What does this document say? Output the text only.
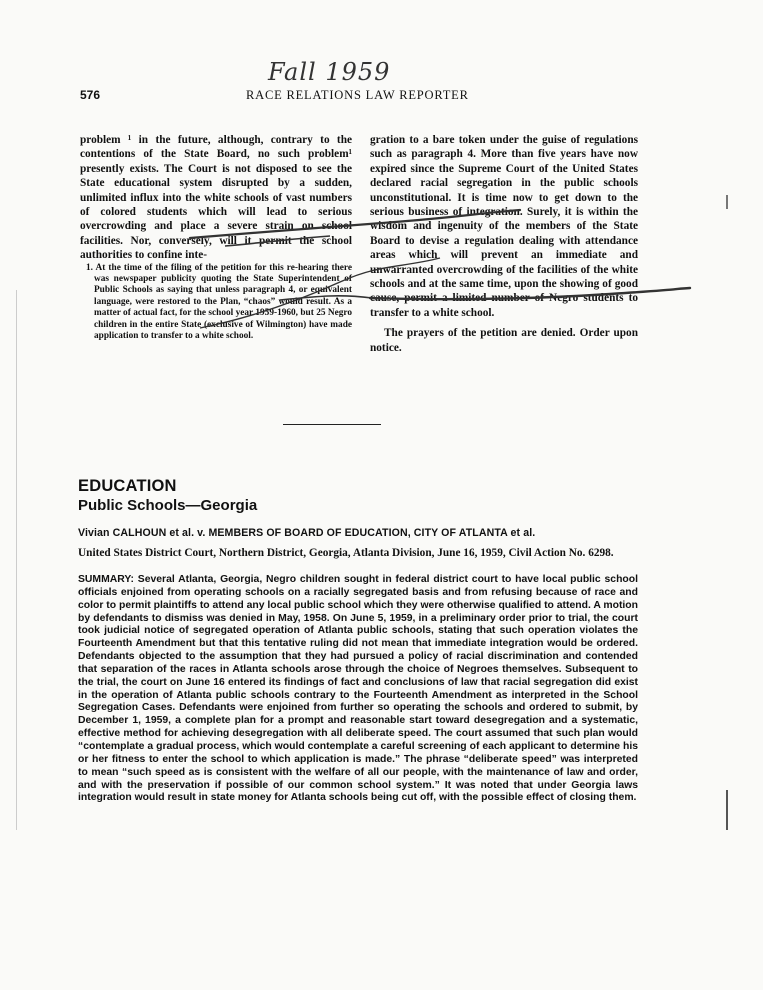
Fall 1959
576	RACE RELATIONS LAW REPORTER

problem ¹ in the future, although, contrary to the contentions of the State Board, no such problem¹ presently exists. The Court is not disposed to see the State educational system disrupted by a sudden, unlimited influx into the white schools of vast numbers of colored students which will lead to serious overcrowding and place a severe strain on school facilities. Nor, conversely, will it permit the school authorities to confine inte-

1. At the time of the filing of the petition for this re-hearing there was newspaper publicity quoting the State Superintendent of Public Schools as saying that unless paragraph 4, or equivalent language, were restored to the Plan, “chaos” would result. As a matter of actual fact, for the school year 1959-1960, but 25 Negro children in the entire State (exclusive of Wilmington) have made application to transfer to a white school.

gration to a bare token under the guise of regulations such as paragraph 4. More than five years have now expired since the Supreme Court of the United States declared racial segregation in the public schools unconstitutional. It is time now to get down to the serious business of integration. Surely, it is within the wisdom and ingenuity of the members of the State Board to devise a regulation dealing with attendance areas which will prevent an immediate and unwarranted overcrowding of the facilities of the white schools and at the same time, upon the showing of good cause, permit a limited number of Negro students to transfer to a white school.

The prayers of the petition are denied. Order upon notice.

EDUCATION
Public Schools—Georgia
Vivian CALHOUN et al. v. MEMBERS OF BOARD OF EDUCATION, CITY OF ATLANTA et al.
United States District Court, Northern District, Georgia, Atlanta Division, June 16, 1959, Civil Action No. 6298.

SUMMARY: Several Atlanta, Georgia, Negro children sought in federal district court to have local public school officials enjoined from operating schools on a racially segregated basis and from refusing because of race and color to permit plaintiffs to attend any local public school which they were otherwise qualified to attend. A motion by defendants to dismiss was denied in May, 1958. On June 5, 1959, in a preliminary order prior to trial, the court took judicial notice of segregated operation of Atlanta public schools, stating that such operation violates the Fourteenth Amendment but that this tentative ruling did not mean that immediate integration would be ordered. Defendants objected to the assumption that they had pursued a policy of racial discrimination and contended that separation of the races in Atlanta schools arose through the choice of Negroes themselves. Subsequent to the trial, the court on June 16 entered its findings of fact and conclusions of law that racial segregation did exist in the operation of Atlanta public schools contrary to the Fourteenth Amendment as interpreted in the School Segregation Cases. Defendants were enjoined from further so operating the schools and ordered to submit, by December 1, 1959, a complete plan for a prompt and reasonable start toward desegregation and a systematic, effective method for achieving desegregation with all deliberate speed. The court assumed that such plan would “contemplate a gradual process, which would contemplate a careful screening of each applicant to determine his or her fitness to enter the school to which application is made.” The phrase “deliberate speed” was interpreted to mean “such speed as is consistent with the welfare of all our people, with the maintenance of law and order, and with the preservation if possible of our common school system.” It was noted that under Georgia laws integration would result in state money for Atlanta schools being cut off, with the possible effect of closing them.
